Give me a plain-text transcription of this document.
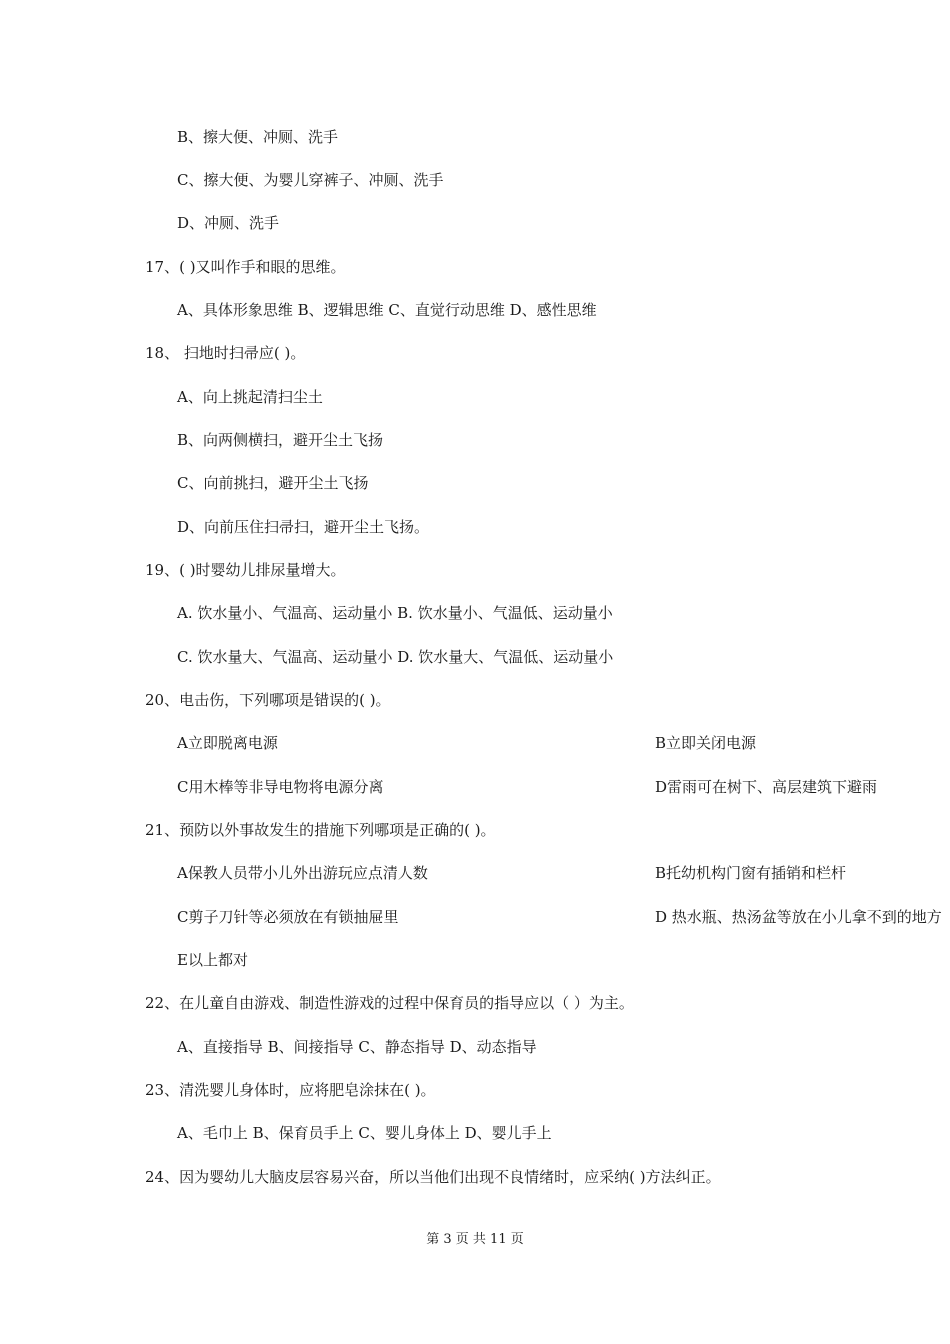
B、擦大便、冲厕、洗手
C、擦大便、为婴儿穿裤子、冲厕、洗手
D、冲厕、洗手
17、( )又叫作手和眼的思维。
A、具体形象思维 B、逻辑思维 C、直觉行动思维 D、感性思维
18、 扫地时扫帚应( )。
A、向上挑起清扫尘土
B、向两侧横扫，避开尘土飞扬
C、向前挑扫，避开尘土飞扬
D、向前压住扫帚扫，避开尘土飞扬。
19、( )时婴幼儿排尿量增大。
A. 饮水量小、气温高、运动量小 B. 饮水量小、气温低、运动量小
C. 饮水量大、气温高、运动量小 D. 饮水量大、气温低、运动量小
20、电击伤，下列哪项是错误的( )。
A立即脱离电源	B立即关闭电源
C用木棒等非导电物将电源分离	D雷雨可在树下、高层建筑下避雨
21、预防以外事故发生的措施下列哪项是正确的( )。
A保教人员带小儿外出游玩应点清人数	B托幼机构门窗有插销和栏杆
C剪子刀针等必须放在有锁抽屉里	D 热水瓶、热汤盆等放在小儿拿不到的地方
E以上都对
22、在儿童自由游戏、制造性游戏的过程中保育员的指导应以（ ）为主。
A、直接指导 B、间接指导 C、静态指导 D、动态指导
23、清洗婴儿身体时，应将肥皂涂抹在( )。
A、毛巾上 B、保育员手上 C、婴儿身体上 D、婴儿手上
24、因为婴幼儿大脑皮层容易兴奋，所以当他们出现不良情绪时，应采纳( )方法纠正。
第 3 页 共 11 页
